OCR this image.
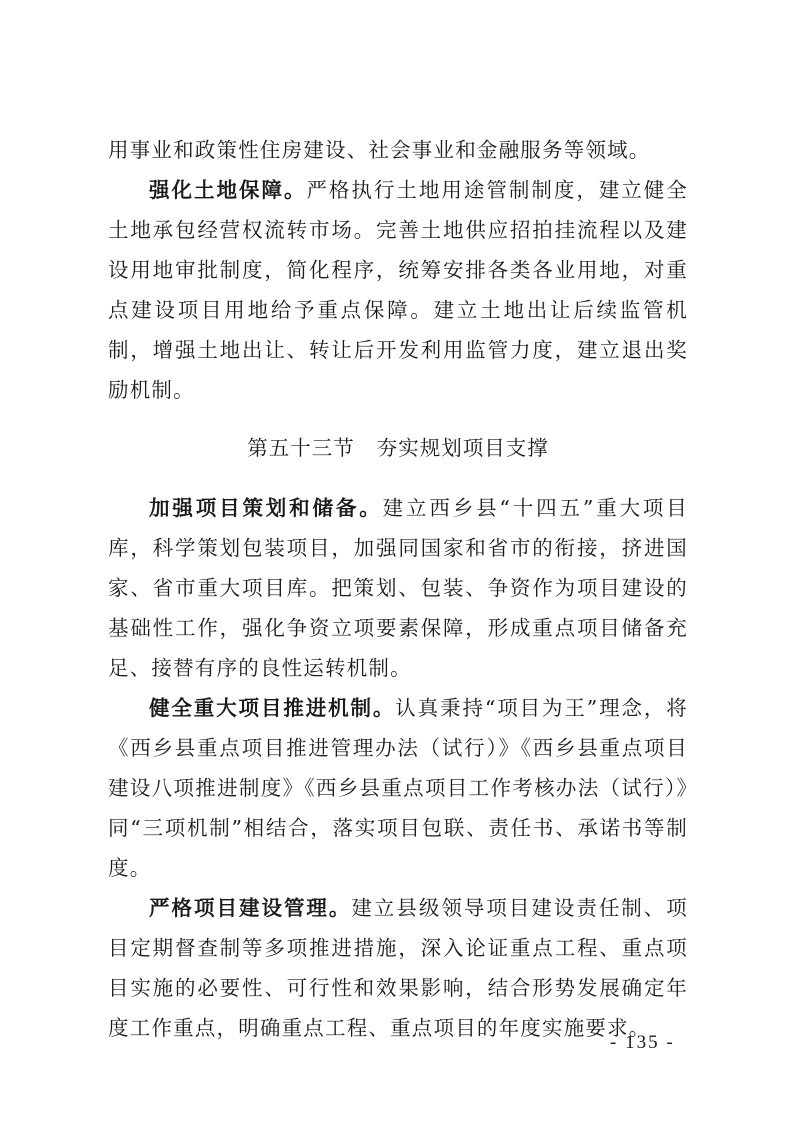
用事业和政策性住房建设、社会事业和金融服务等领域。

强化土地保障。严格执行土地用途管制制度，建立健全土地承包经营权流转市场。完善土地供应招拍挂流程以及建设用地审批制度，简化程序，统筹安排各类各业用地，对重点建设项目用地给予重点保障。建立土地出让后续监管机制，增强土地出让、转让后开发利用监管力度，建立退出奖励机制。

第五十三节 夯实规划项目支撑

加强项目策划和储备。建立西乡县“十四五”重大项目库，科学策划包装项目，加强同国家和省市的衔接，挤进国家、省市重大项目库。把策划、包装、争资作为项目建设的基础性工作，强化争资立项要素保障，形成重点项目储备充足、接替有序的良性运转机制。

健全重大项目推进机制。认真秉持“项目为王”理念，将《西乡县重点项目推进管理办法（试行）》《西乡县重点项目建设八项推进制度》《西乡县重点项目工作考核办法（试行）》同“三项机制”相结合，落实项目包联、责任书、承诺书等制度。

严格项目建设管理。建立县级领导项目建设责任制、项目定期督查制等多项推进措施，深入论证重点工程、重点项目实施的必要性、可行性和效果影响，结合形势发展确定年度工作重点，明确重点工程、重点项目的年度实施要求。

- 135 -
